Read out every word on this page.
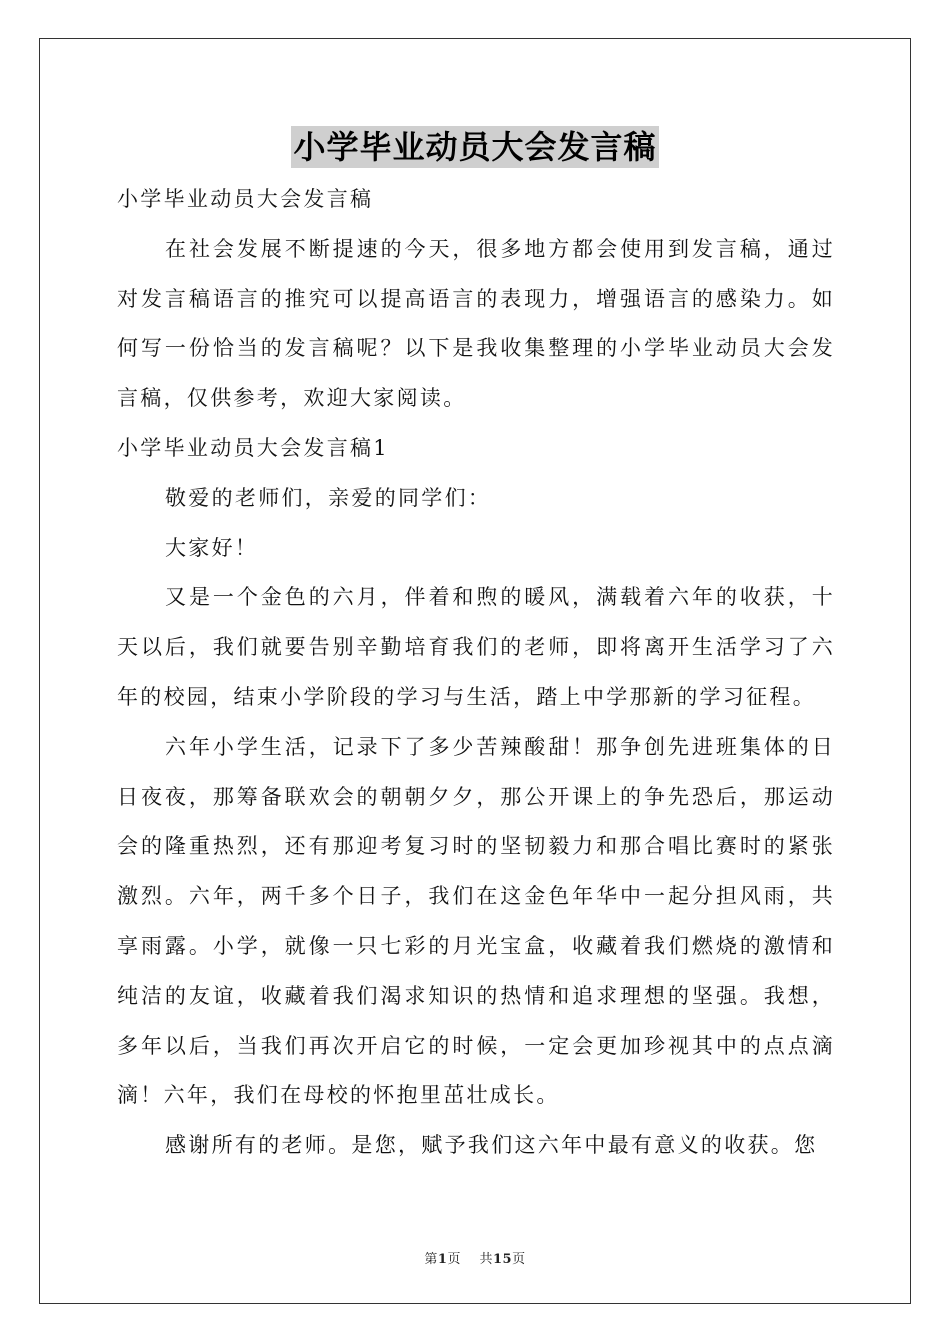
小学毕业动员大会发言稿

小学毕业动员大会发言稿

在社会发展不断提速的今天，很多地方都会使用到发言稿，通过对发言稿语言的推究可以提高语言的表现力，增强语言的感染力。如何写一份恰当的发言稿呢？以下是我收集整理的小学毕业动员大会发言稿，仅供参考，欢迎大家阅读。

小学毕业动员大会发言稿1

敬爱的老师们，亲爱的同学们：

大家好！

又是一个金色的六月，伴着和煦的暖风，满载着六年的收获，十天以后，我们就要告别辛勤培育我们的老师，即将离开生活学习了六年的校园，结束小学阶段的学习与生活，踏上中学那新的学习征程。

六年小学生活，记录下了多少苦辣酸甜！那争创先进班集体的日日夜夜，那筹备联欢会的朝朝夕夕，那公开课上的争先恐后，那运动会的隆重热烈，还有那迎考复习时的坚韧毅力和那合唱比赛时的紧张激烈。六年，两千多个日子，我们在这金色年华中一起分担风雨，共享雨露。小学，就像一只七彩的月光宝盒，收藏着我们燃烧的激情和纯洁的友谊，收藏着我们渴求知识的热情和追求理想的坚强。我想，多年以后，当我们再次开启它的时候，一定会更加珍视其中的点点滴滴！六年，我们在母校的怀抱里茁壮成长。

感谢所有的老师。是您，赋予我们这六年中最有意义的收获。您

第1页 共15页
